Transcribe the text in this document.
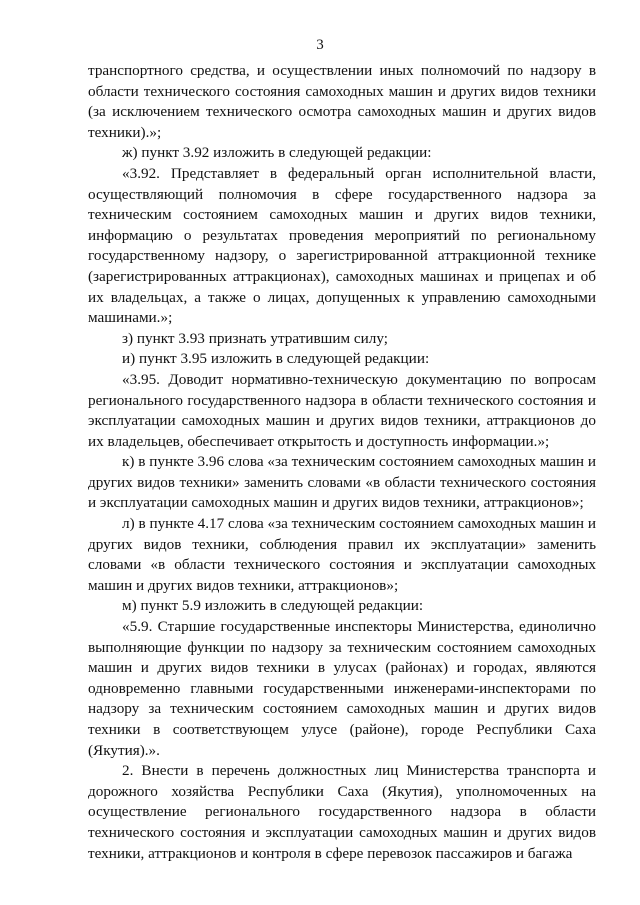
3

транспортного средства, и осуществлении иных полномочий по надзору в области технического состояния самоходных машин и других видов техники (за исключением технического осмотра самоходных машин и других видов техники).»;

ж) пункт 3.92 изложить в следующей редакции:

«3.92. Представляет в федеральный орган исполнительной власти, осуществляющий полномочия в сфере государственного надзора за техническим состоянием самоходных машин и других видов техники, информацию о результатах проведения мероприятий по региональному государственному надзору, о зарегистрированной аттракционной технике (зарегистрированных аттракционах), самоходных машинах и прицепах и об их владельцах, а также о лицах, допущенных к управлению самоходными машинами.»;

з) пункт 3.93 признать утратившим силу;

и) пункт 3.95 изложить в следующей редакции:

«3.95. Доводит нормативно-техническую документацию по вопросам регионального государственного надзора в области технического состояния и эксплуатации самоходных машин и других видов техники, аттракционов до их владельцев, обеспечивает открытость и доступность информации.»;

к) в пункте 3.96 слова «за техническим состоянием самоходных машин и других видов техники» заменить словами «в области технического состояния и эксплуатации самоходных машин и других видов техники, аттракционов»;

л) в пункте 4.17 слова «за техническим состоянием самоходных машин и других видов техники, соблюдения правил их эксплуатации» заменить словами «в области технического состояния и эксплуатации самоходных машин и других видов техники, аттракционов»;

м) пункт 5.9 изложить в следующей редакции:

«5.9. Старшие государственные инспекторы Министерства, единолично выполняющие функции по надзору за техническим состоянием самоходных машин и других видов техники в улусах (районах) и городах, являются одновременно главными государственными инженерами-инспекторами по надзору за техническим состоянием самоходных машин и других видов техники в соответствующем улусе (районе), городе Республики Саха (Якутия).».

2. Внести в перечень должностных лиц Министерства транспорта и дорожного хозяйства Республики Саха (Якутия), уполномоченных на осуществление регионального государственного надзора в области технического состояния и эксплуатации самоходных машин и других видов техники, аттракционов и контроля в сфере перевозок пассажиров и багажа
